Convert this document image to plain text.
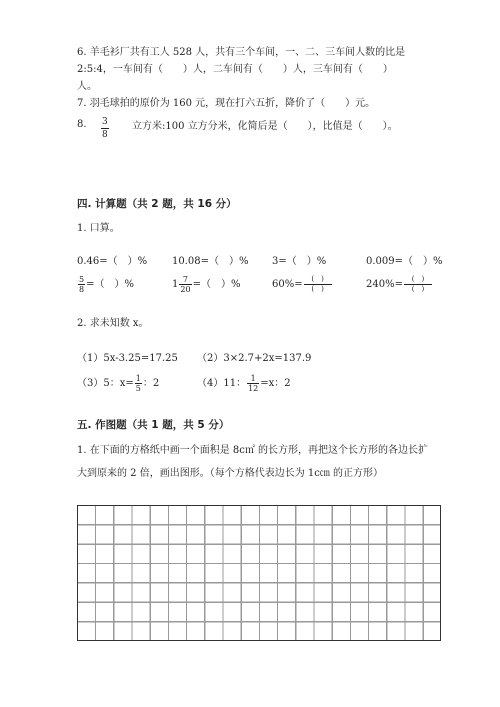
6. 羊毛衫厂共有工人 528 人，共有三个车间，一、二、三车间人数的比是
2:5:4，一车间有（　　）人，二车间有（　　）人，三车间有（　　）
人。
7. 羽毛球拍的原价为 160 元，现在打六五折，降价了（　　）元。
8. $\frac{3}{8}$ 立方米:100 立方分米，化简后是（　　），比值是（　　）。
四. 计算题（共 2 题，共 16 分）
1. 口算。
0.46=（　）% 10.08=（　）% 3=（　）%	0.009=（　）%
$\frac{5}{8}$ =（　）%	$1 \frac{7}{20}$ =（　）%	$60\%= \frac{( )}{( )}$	$240\%= \frac{( )}{( )}$
2. 求未知数 x。
（1）5x-3.25=17.25 （2）3×2.7+2x=137.9
（3）5：$x= \frac{1}{5}$ ：2	（4）11： $\frac{1}{12} =x$：2
五. 作图题（共 1 题，共 5 分）
1. 在下面的方格纸中画一个面积是 8c㎡ 的长方形，再把这个长方形的各边长扩
大到原来的 2 倍，画出图形。（每个方格代表边长为 1c㎝ 的正方形）
